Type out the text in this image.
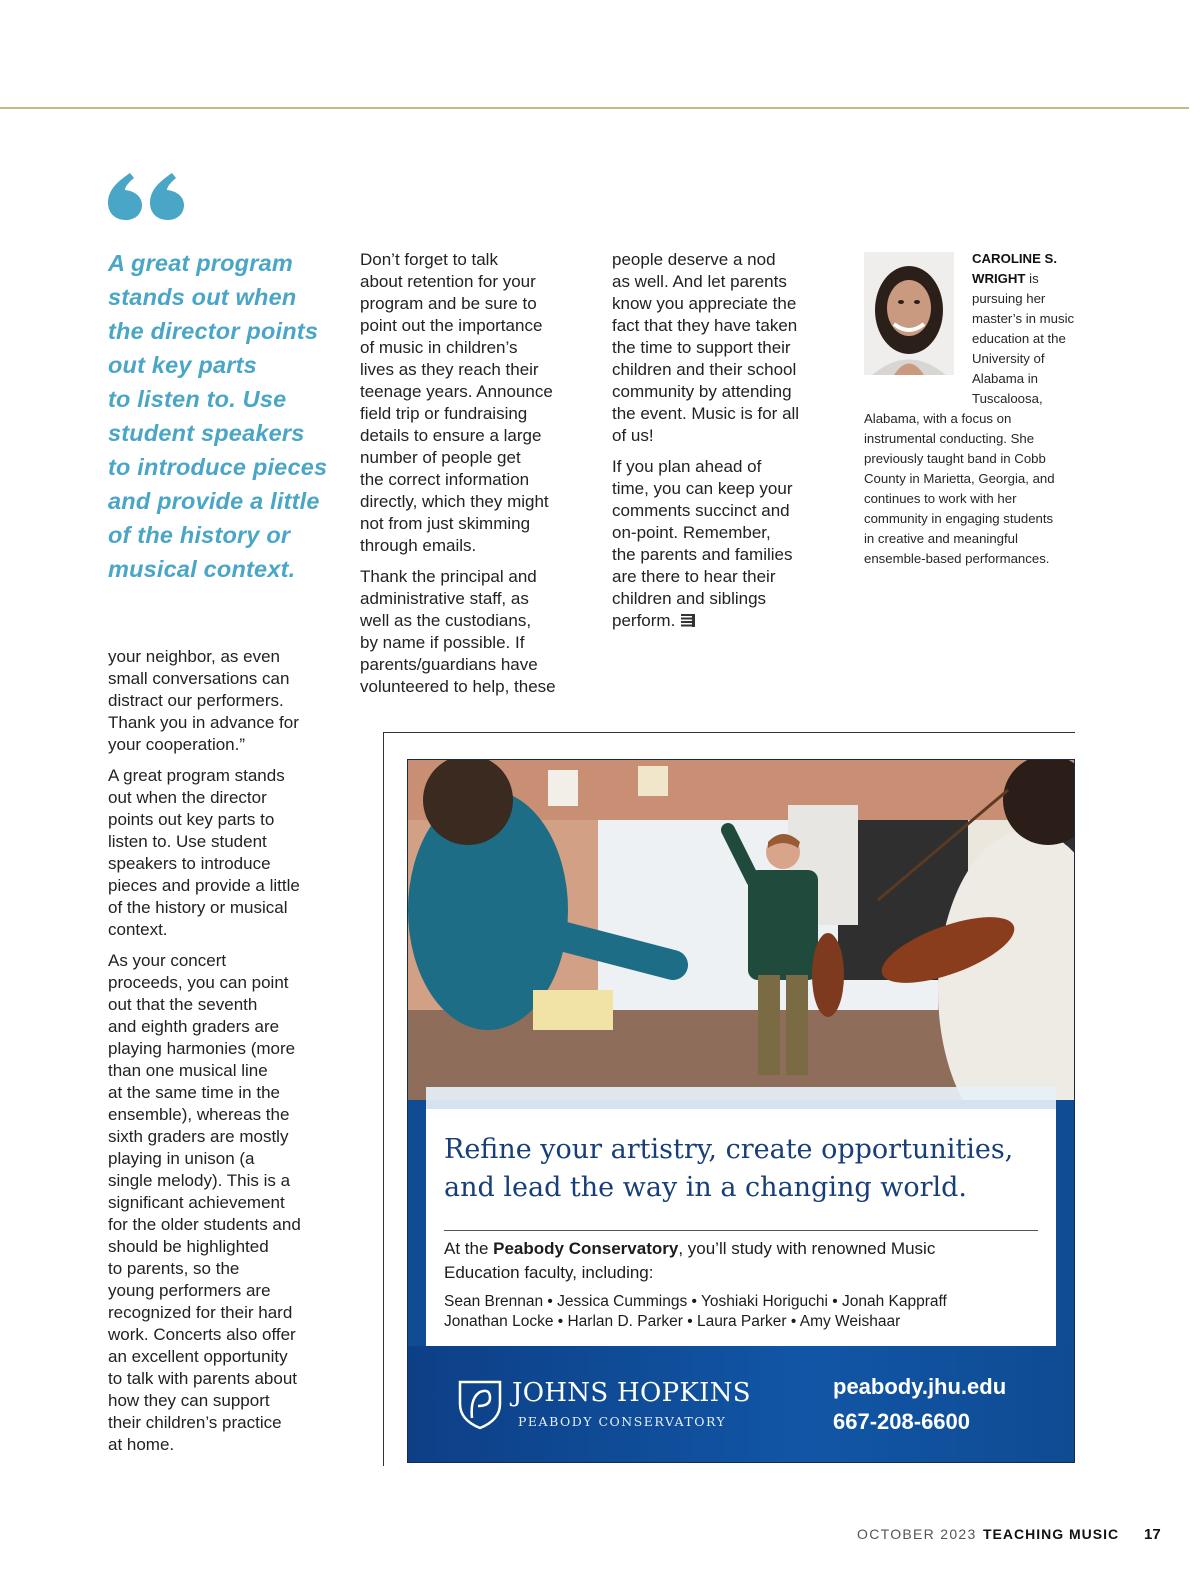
A great program
stands out when
the director points
out key parts
to listen to. Use
student speakers
to introduce pieces
and provide a little
of the history or
musical context.

your neighbor, as even
small conversations can
distract our performers.
Thank you in advance for
your cooperation.”

A great program stands
out when the director
points out key parts to
listen to. Use student
speakers to introduce
pieces and provide a little
of the history or musical
context.

As your concert
proceeds, you can point
out that the seventh
and eighth graders are
playing harmonies (more
than one musical line
at the same time in the
ensemble), whereas the
sixth graders are mostly
playing in unison (a
single melody). This is a
significant achievement
for the older students and
should be highlighted
to parents, so the
young performers are
recognized for their hard
work. Concerts also offer
an excellent opportunity
to talk with parents about
how they can support
their children’s practice
at home.

Don’t forget to talk
about retention for your
program and be sure to
point out the importance
of music in children’s
lives as they reach their
teenage years. Announce
field trip or fundraising
details to ensure a large
number of people get
the correct information
directly, which they might
not from just skimming
through emails.

Thank the principal and
administrative staff, as
well as the custodians,
by name if possible. If
parents/guardians have
volunteered to help, these

people deserve a nod
as well. And let parents
know you appreciate the
fact that they have taken
the time to support their
children and their school
community by attending
the event. Music is for all
of us!

If you plan ahead of
time, you can keep your
comments succinct and
on-point. Remember,
the parents and families
are there to hear their
children and siblings
perform.

CAROLINE S.
WRIGHT is
pursuing her
master’s in music
education at the
University of
Alabama in
Tuscaloosa,
Alabama, with a focus on
instrumental conducting. She
previously taught band in Cobb
County in Marietta, Georgia, and
continues to work with her
community in engaging students
in creative and meaningful
ensemble-based performances.
Refine your artistry, create opportunities,
and lead the way in a changing world.
At the Peabody Conservatory, you’ll study with renowned Music
Education faculty, including:
Sean Brennan • Jessica Cummings • Yoshiaki Horiguchi • Jonah Kappraff
Jonathan Locke • Harlan D. Parker • Laura Parker • Amy Weishaar
JOHNS HOPKINS
PEABODY CONSERVATORY
peabody.jhu.edu
667-208-6600
OCTOBER 2023 TEACHING MUSIC 17
